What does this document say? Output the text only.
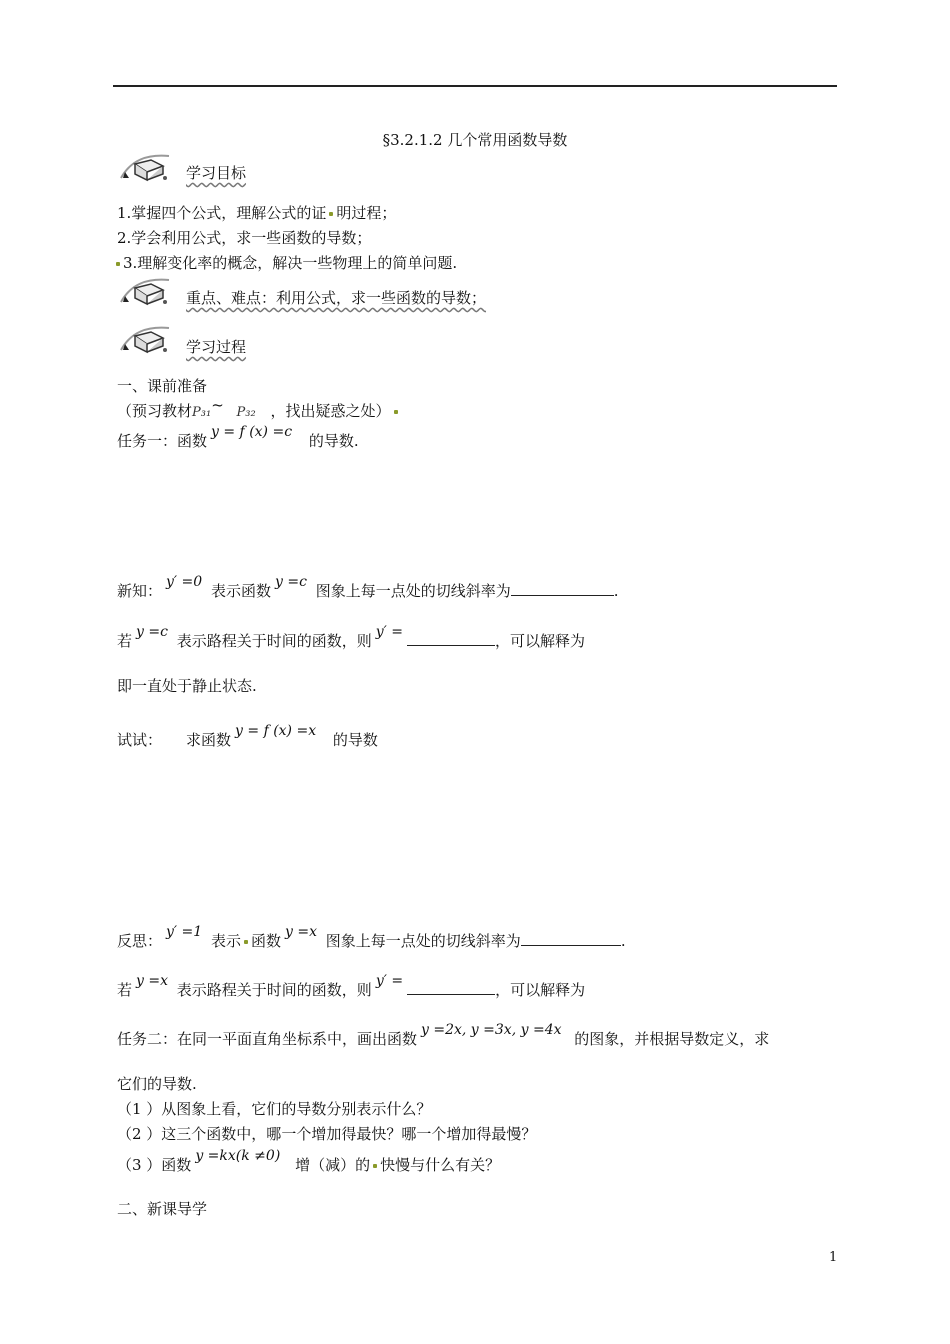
§3.2.1.2 几个常用函数导数
学习目标
1.掌握四个公式，理解公式的证 明过程；
2.学会利用公式，求一些函数的导数；
3.理解变化率的概念，解决一些物理上的简单问题.
重点、难点：利用公式，求一些函数的导数；
学习过程
一、课前准备
（预习教材P₃₁~ P₃₂ ，找出疑惑之处）
任务一：函数 y = f (x) =c 的导数.
新知： y′ =0 表示函数 y =c 图象上每一点处的切线斜率为	.
若 y =c 表示路程关于时间的函数，则 y′ =	，可以解释为
即一直处于静止状态.
试试： 求函数 y = f (x) =x 的导数
反思： y′ =1 表示 函数 y =x 图象上每一点处的切线斜率为	.
若 y =x 表示路程关于时间的函数，则 y′ =	，可以解释为
任务二：在同一平面直角坐标系中，画出函数 y =2x, y =3x, y =4x 的图象，并根据导数定义，求
它们的导数.
（1 ）从图象上看，它们的导数分别表示什么？
（2 ）这三个函数中，哪一个增加得最快？哪一个增加得最慢？
（3 ）函数 y =kx(k ≠0) 增（减）的 快慢与什么有关？
二、新课导学
1
